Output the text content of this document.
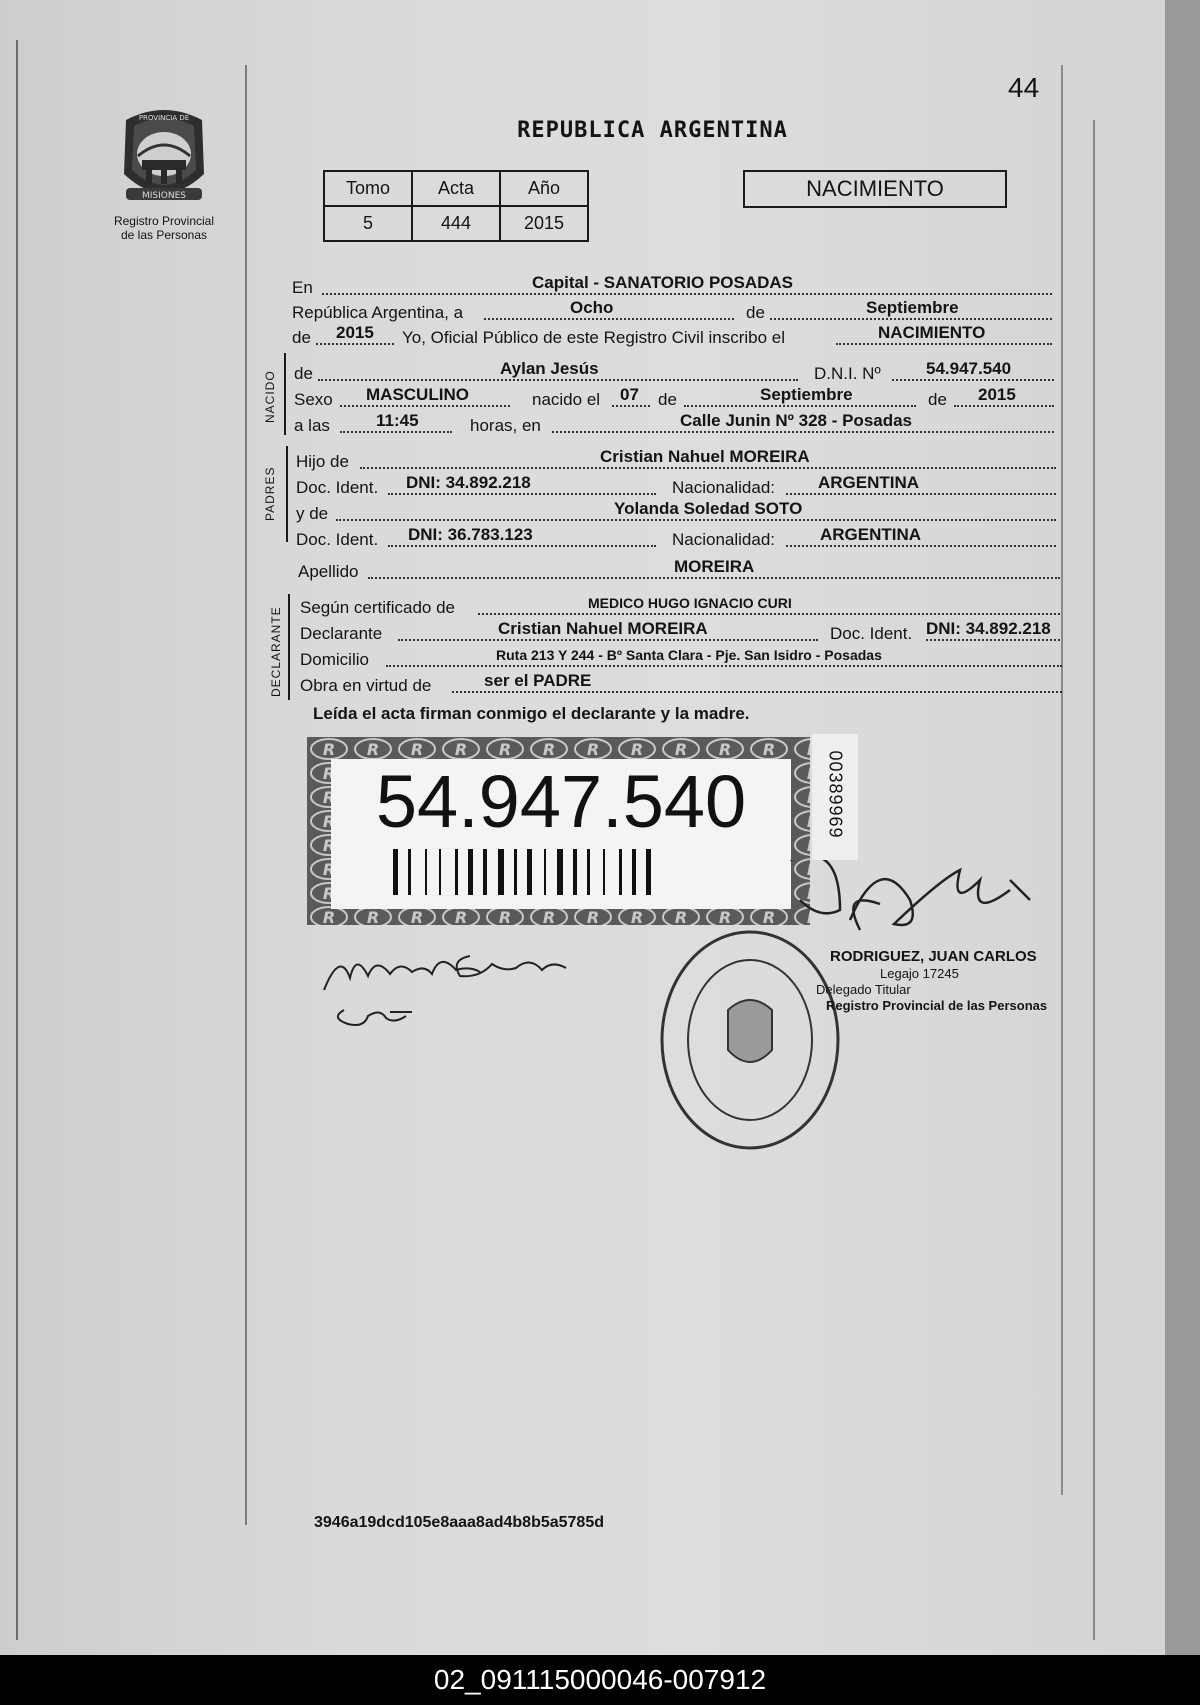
44
MISIONES
PROVINCIA DE
Registro Provincial
de las Personas
REPUBLICA ARGENTINA
Tomo	Acta	Año
5	444	2015
NACIMIENTO
En	Capital - SANATORIO POSADAS
República Argentina, a	Ocho	de	Septiembre
de 2015 Yo, Oficial Público de este Registro Civil inscribo el	NACIMIENTO
NACIDO de	Aylan Jesús	D.N.I. Nº	54.947.540
Sexo MASCULINO	nacido el 07 de	Septiembre	de 2015
a las	11:45	horas, en	Calle Junin Nº 328 - Posadas
PADRES
Hijo de	Cristian Nahuel MOREIRA
Doc. Ident. DNI: 34.892.218	Nacionalidad:	ARGENTINA
y de	Yolanda Soledad SOTO
Doc. Ident. DNI: 36.783.123	Nacionalidad:	ARGENTINA
Apellido	MOREIRA
DECLARANTE Según certificado de	MEDICO HUGO IGNACIO CURI
Declarante	Cristian Nahuel MOREIRA	Doc. Ident. DNI: 34.892.218
Domicilio	Ruta 213 Y 244 - Bº Santa Clara - Pje. San Isidro - Posadas
Obra en virtud de	ser el PADRE
Leída el acta firman conmigo el declarante y la madre.
54.947.540	00389969
RODRIGUEZ, JUAN CARLOS
Legajo 17245
Delegado Titular
Registro Provincial de las Personas
3946a19dcd105e8aaa8ad4b8b5a5785d
02_091115000046-007912
